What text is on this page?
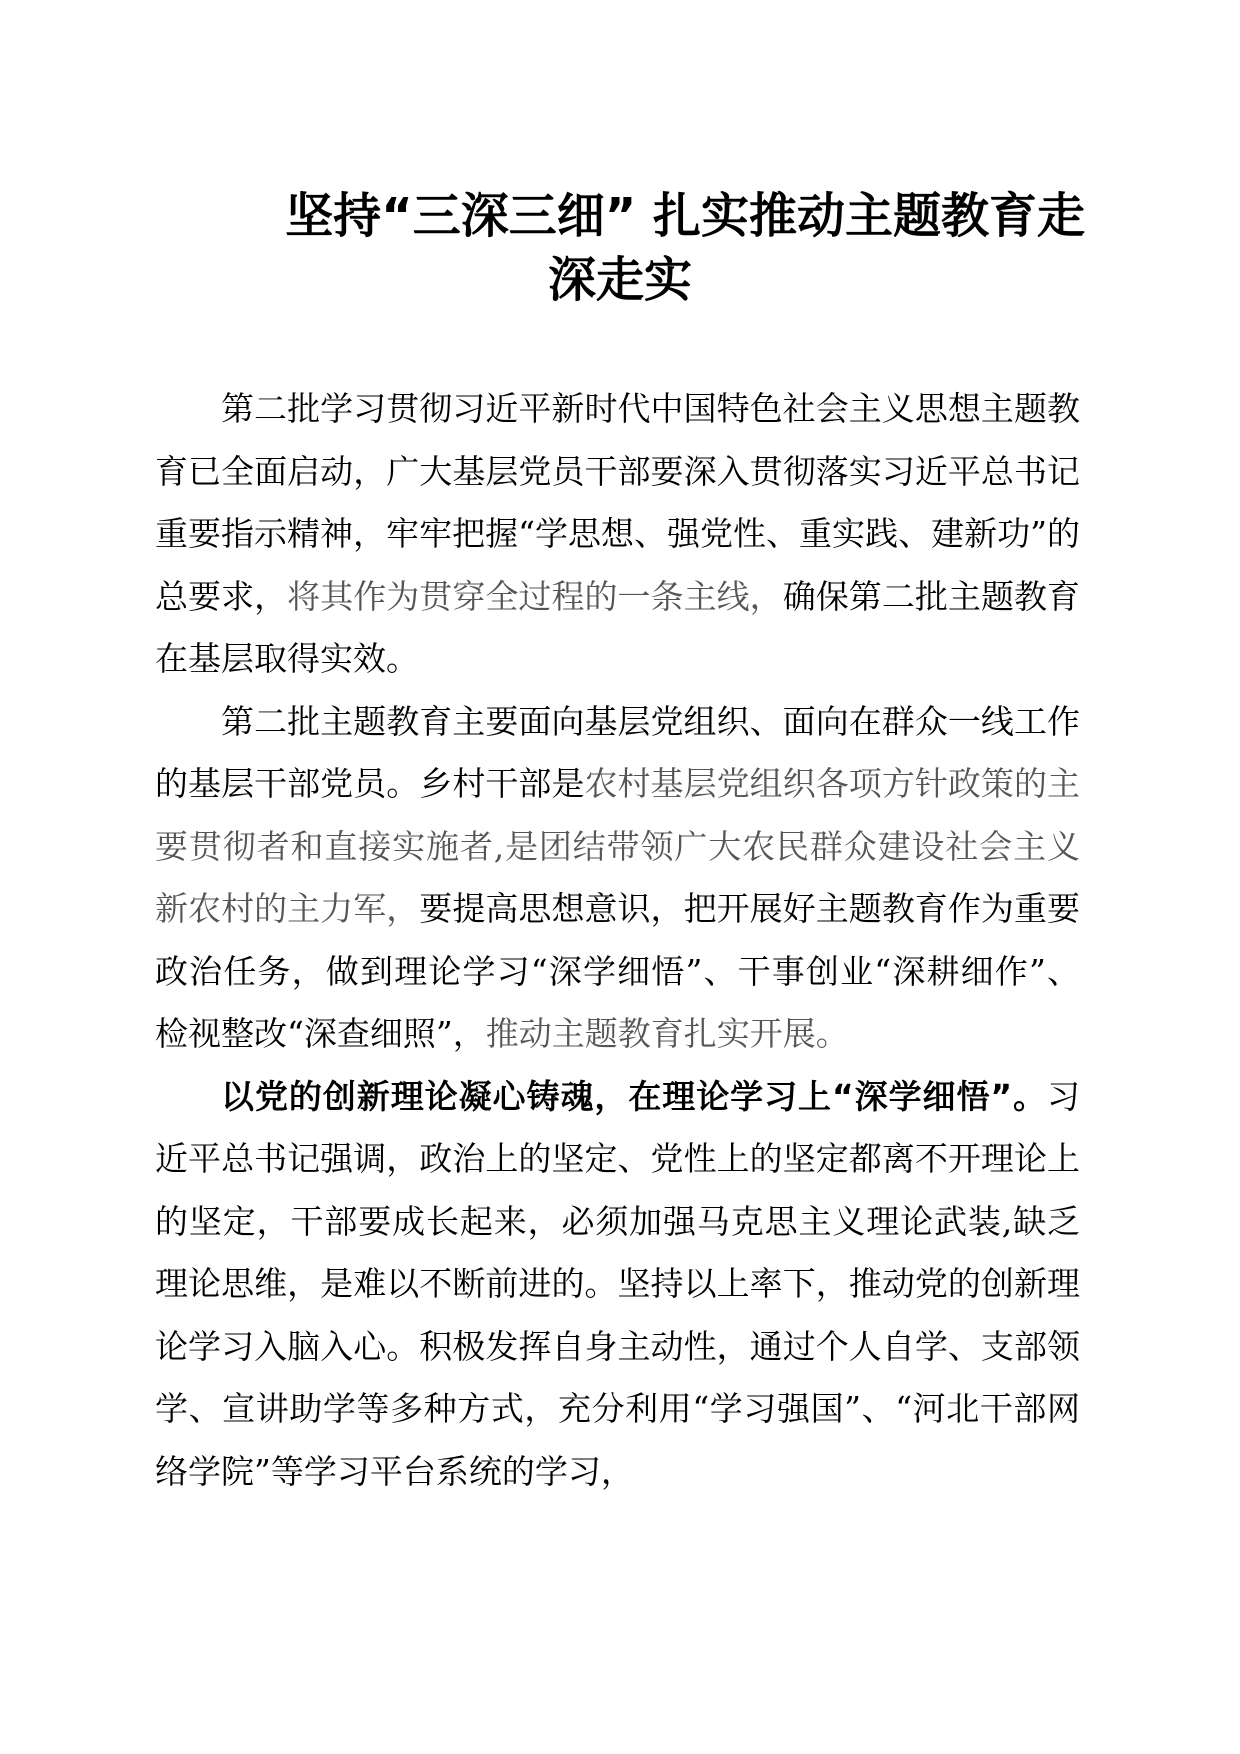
坚持“三深三细” 扎实推动主题教育走
深走实

第二批学习贯彻习近平新时代中国特色社会主义思想主题教育已全面启动，广大基层党员干部要深入贯彻落实习近平总书记重要指示精神，牢牢把握“学思想、强党性、重实践、建新功”的总要求，将其作为贯穿全过程的一条主线，确保第二批主题教育在基层取得实效。

第二批主题教育主要面向基层党组织、面向在群众一线工作的基层干部党员。乡村干部是农村基层党组织各项方针政策的主要贯彻者和直接实施者,是团结带领广大农民群众建设社会主义新农村的主力军，要提高思想意识，把开展好主题教育作为重要政治任务，做到理论学习“深学细悟”、干事创业“深耕细作”、检视整改“深查细照”，推动主题教育扎实开展。

以党的创新理论凝心铸魂，在理论学习上“深学细悟”。习近平总书记强调，政治上的坚定、党性上的坚定都离不开理论上的坚定，干部要成长起来，必须加强马克思主义理论武装,缺乏理论思维，是难以不断前进的。坚持以上率下，推动党的创新理论学习入脑入心。积极发挥自身主动性，通过个人自学、支部领学、宣讲助学等多种方式，充分利用“学习强国”、“河北干部网络学院”等学习平台系统的学习，
